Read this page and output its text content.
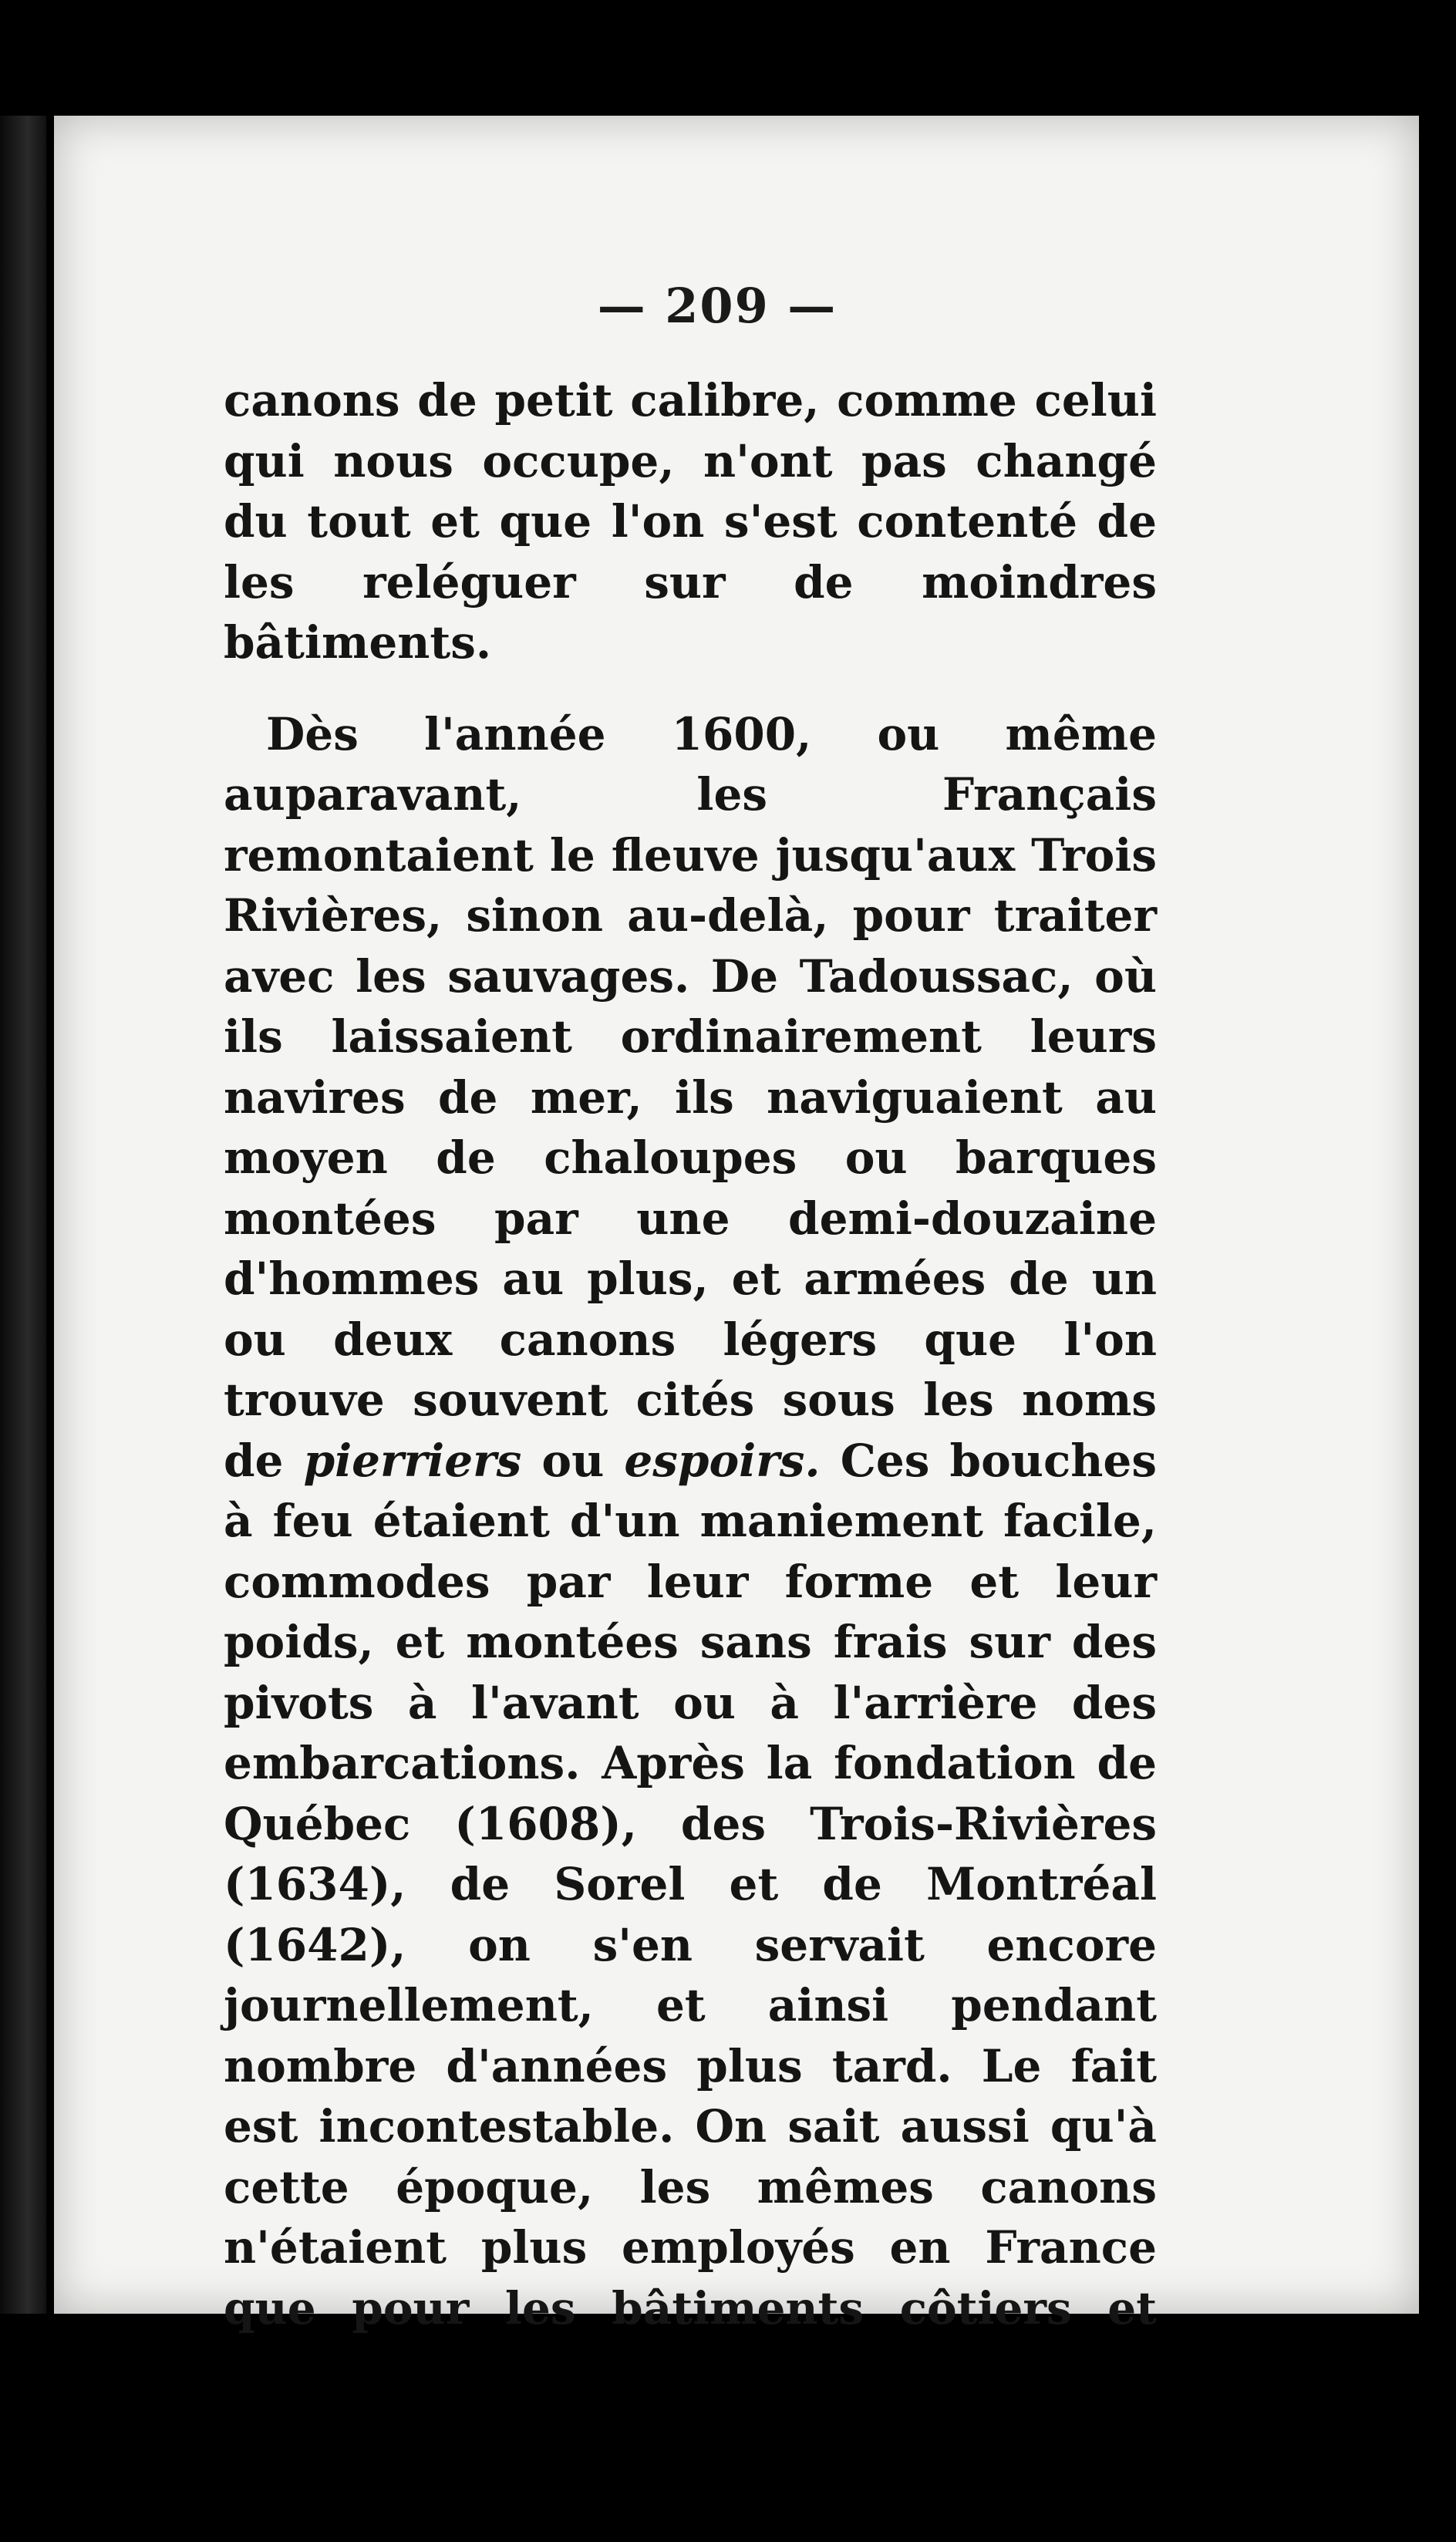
— 209 —

canons de petit calibre, comme celui qui nous occupe, n'ont pas changé du tout et que l'on s'est contenté de les reléguer sur de moindres bâtiments.

Dès l'année 1600, ou même auparavant, les Français remontaient le fleuve jusqu'aux Trois Rivières, sinon au-delà, pour traiter avec les sauvages. De Tadoussac, où ils laissaient ordinairement leurs navires de mer, ils naviguaient au moyen de chaloupes ou barques montées par une demi-douzaine d'hommes au plus, et armées de un ou deux canons légers que l'on trouve souvent cités sous les noms de pierriers ou espoirs. Ces bouches à feu étaient d'un maniement facile, commodes par leur forme et leur poids, et montées sans frais sur des pivots à l'avant ou à l'arrière des embarcations. Après la fondation de Québec (1608), des Trois-Rivières (1634), de Sorel et de Montréal (1642), on s'en servait encore journellement, et ainsi pendant nombre d'années plus tard. Le fait est incontestable. On sait aussi qu'à cette époque, les mêmes canons n'étaient plus employés en France que pour les bâtiments côtiers et
